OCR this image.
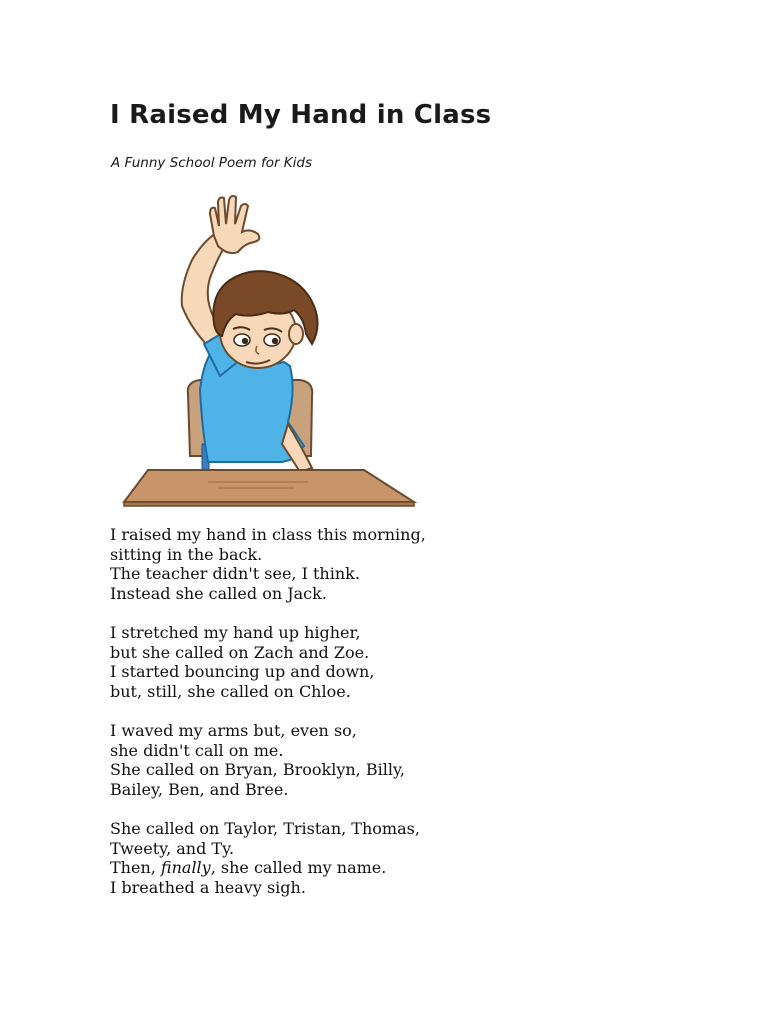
I Raised My Hand in Class

A Funny School Poem for Kids

I raised my hand in class this morning,
sitting in the back.
The teacher didn't see, I think.
Instead she called on Jack.
I stretched my hand up higher,
but she called on Zach and Zoe.
I started bouncing up and down,
but, still, she called on Chloe.
I waved my arms but, even so,
she didn't call on me.
She called on Bryan, Brooklyn, Billy,
Bailey, Ben, and Bree.
She called on Taylor, Tristan, Thomas,
Tweety, and Ty.
Then, finally, she called my name.
I breathed a heavy sigh.
